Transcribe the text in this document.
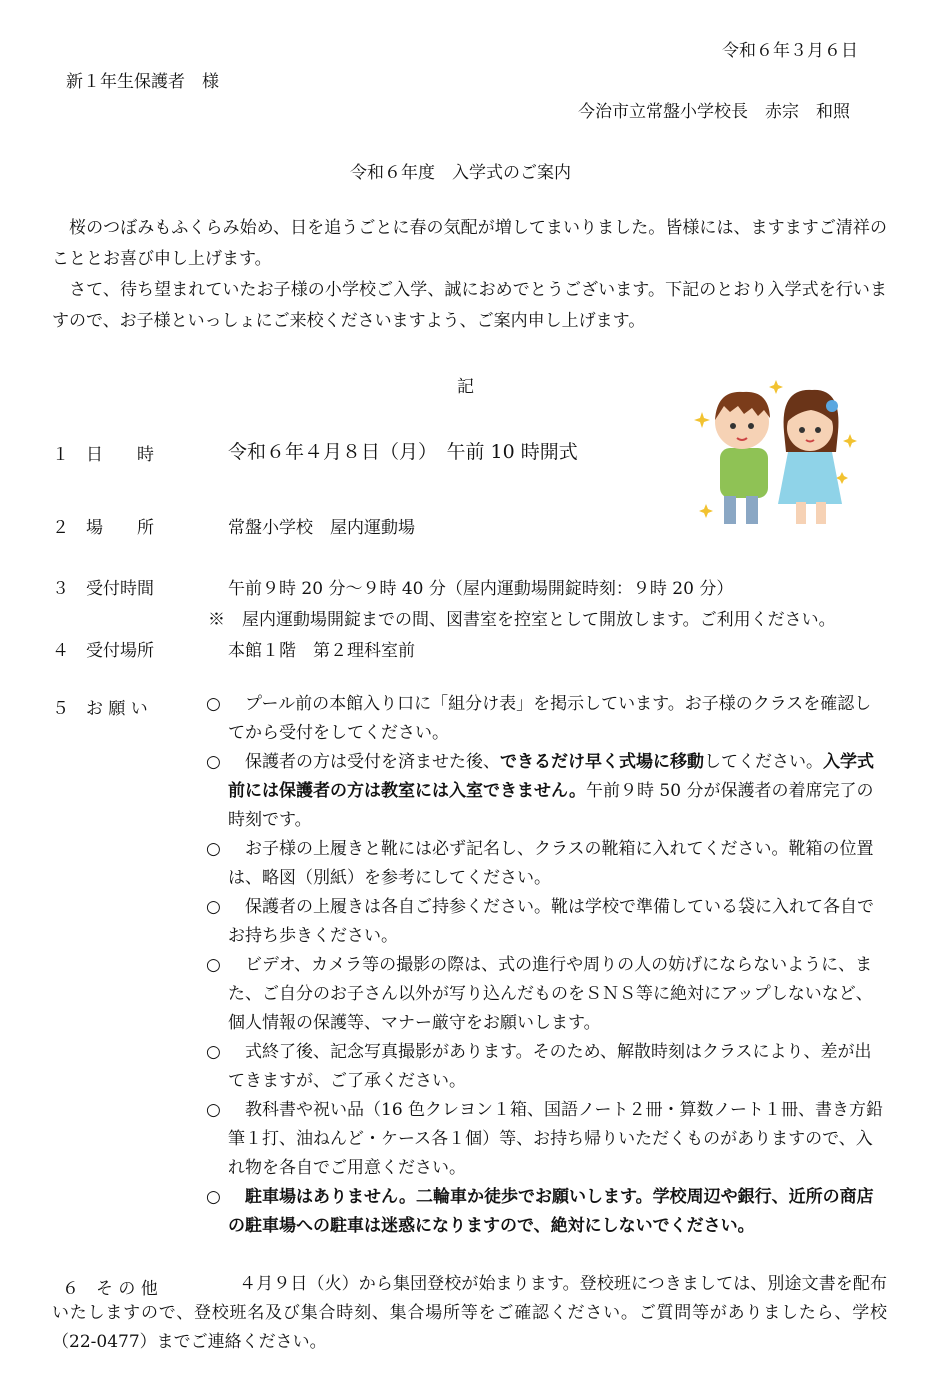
令和６年３月６日
新１年生保護者　様
今治市立常盤小学校長　赤宗　和照
令和６年度　入学式のご案内
　桜のつぼみもふくらみ始め、日を追うごとに春の気配が増してまいりました。皆様には、ますますご清祥のこととお喜び申し上げます。
　さて、待ち望まれていたお子様の小学校ご入学、誠におめでとうございます。下記のとおり入学式を行いますので、お子様といっしょにご来校くださいますよう、ご案内申し上げます。
記
１ 日　　時	令和６年４月８日（月）　午前 10 時開式
２ 場　　所	常盤小学校　屋内運動場
３ 受付時間	午前９時 20 分～９時 40 分（屋内運動場開錠時刻：９時 20 分）
※　屋内運動場開錠までの間、図書室を控室として開放します。ご利用ください。
４ 受付場所	本館１階　第２理科室前
５ お 願 い	○ 　プール前の本館入り口に「組分け表」を掲示しています。お子様のクラスを確認してから受付をしてください。
○ 　保護者の方は受付を済ませた後、できるだけ早く式場に移動してください。入学式前には保護者の方は教室には入室できません。午前９時 50 分が保護者の着席完了の時刻です。
○ 　お子様の上履きと靴には必ず記名し、クラスの靴箱に入れてください。靴箱の位置は、略図（別紙）を参考にしてください。
○ 　保護者の上履きは各自ご持参ください。靴は学校で準備している袋に入れて各自でお持ち歩きください。
○ 　ビデオ、カメラ等の撮影の際は、式の進行や周りの人の妨げにならないように、また、ご自分のお子さん以外が写り込んだものをＳＮＳ等に絶対にアップしないなど、個人情報の保護等、マナー厳守をお願いします。
○ 　式終了後、記念写真撮影があります。そのため、解散時刻はクラスにより、差が出てきますが、ご了承ください。
○ 　教科書や祝い品（16 色クレヨン１箱、国語ノート２冊・算数ノート１冊、書き方鉛筆１打、油ねんど・ケース各１個）等、お持ち帰りいただくものがありますので、入れ物を各自でご用意ください。
○ 　駐車場はありません。二輪車か徒歩でお願いします。学校周辺や銀行、近所の商店の駐車場への駐車は迷惑になりますので、絶対にしないでください。
６ そ の 他	　４月９日（火）から集団登校が始まります。登校班につきましては、別途文書を配布いたしますので、登校班名及び集合時刻、集合場所等をご確認ください。ご質問等がありましたら、学校（22-0477）までご連絡ください。
